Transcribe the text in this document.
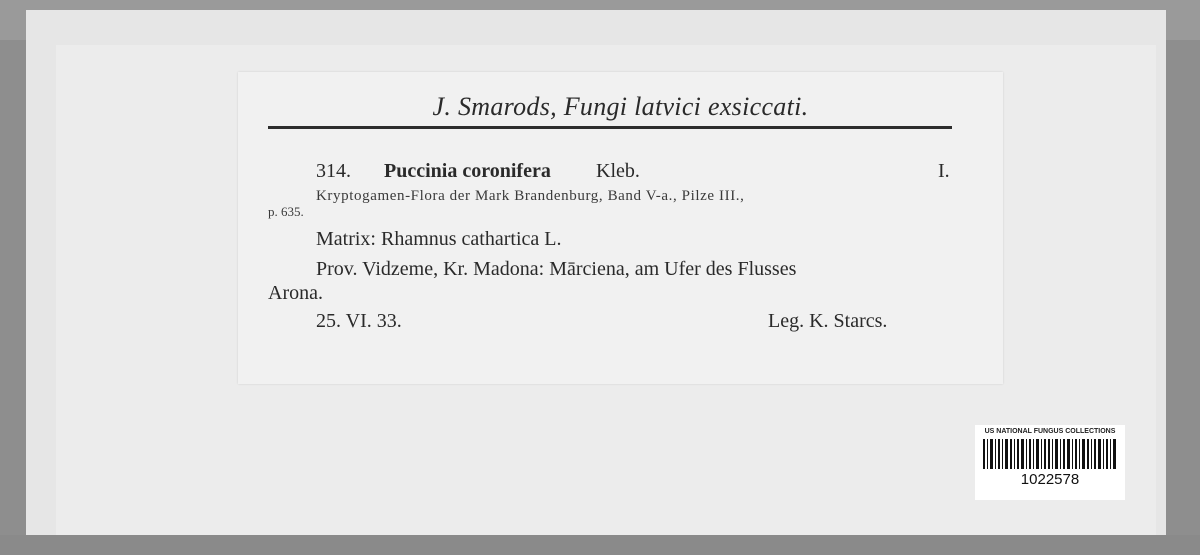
J. Smarods, Fungi latvici exsiccati.
314. Puccinia coronifera Kleb.	I.
Kryptogamen-Flora der Mark Brandenburg, Band V-a., Pilze III.,
p. 635.
Matrix: Rhamnus cathartica L.
Prov. Vidzeme, Kr. Madona: Mārciena, am Ufer des Flusses
Arona.
25. VI. 33.	Leg. K. Starcs.
US NATIONAL FUNGUS COLLECTIONS
1022578
